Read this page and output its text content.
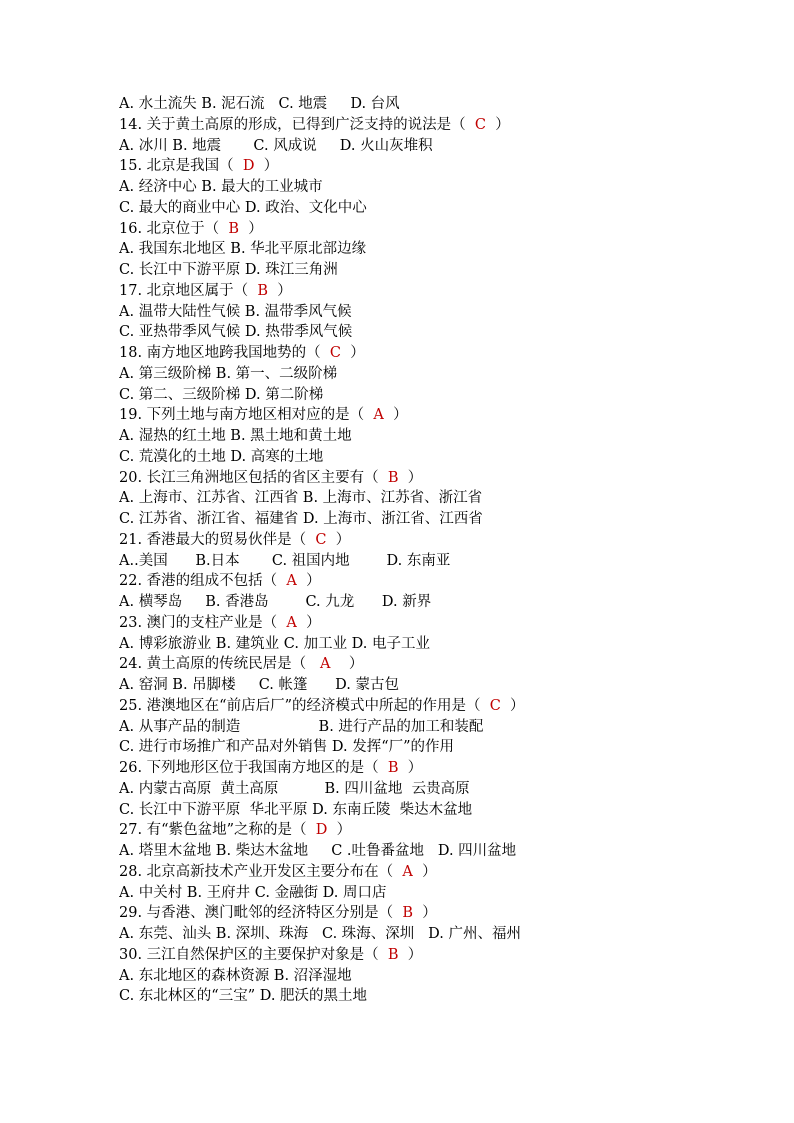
A. 水土流失 B. 泥石流   C. 地震     D. 台风
14. 关于黄土高原的形成，已得到广泛支持的说法是（  C  ）
A. 冰川 B. 地震       C. 风成说     D. 火山灰堆积
15. 北京是我国（  D  ）
A. 经济中心 B. 最大的工业城市
C. 最大的商业中心 D. 政治、文化中心
16. 北京位于（  B  ）
A. 我国东北地区 B. 华北平原北部边缘
C. 长江中下游平原 D. 珠江三角洲
17. 北京地区属于（  B  ）
A. 温带大陆性气候 B. 温带季风气候
C. 亚热带季风气候 D. 热带季风气候
18. 南方地区地跨我国地势的（  C  ）
A. 第三级阶梯 B. 第一、二级阶梯
C. 第二、三级阶梯 D. 第二阶梯
19. 下列土地与南方地区相对应的是（  A  ）
A. 湿热的红土地 B. 黑土地和黄土地
C. 荒漠化的土地 D. 高寒的土地
20. 长江三角洲地区包括的省区主要有（  B  ）
A. 上海市、江苏省、江西省 B. 上海市、江苏省、浙江省
C. 江苏省、浙江省、福建省 D. 上海市、浙江省、江西省
21. 香港最大的贸易伙伴是（  C  ）
A..美国      B.日本       C. 祖国内地        D. 东南亚
22. 香港的组成不包括（  A  ）
A. 横琴岛     B. 香港岛        C. 九龙      D. 新界
23. 澳门的支柱产业是（  A  ）
A. 博彩旅游业 B. 建筑业 C. 加工业 D. 电子工业
24. 黄土高原的传统民居是（   A    ）
A. 窑洞 B. 吊脚楼     C. 帐篷      D. 蒙古包
25. 港澳地区在“前店后厂”的经济模式中所起的作用是（  C  ）
A. 从事产品的制造                 B. 进行产品的加工和装配
C. 进行市场推广和产品对外销售 D. 发挥“厂”的作用
26. 下列地形区位于我国南方地区的是（  B  ）
A. 内蒙古高原  黄土高原          B. 四川盆地  云贵高原
C. 长江中下游平原  华北平原 D. 东南丘陵  柴达木盆地
27. 有“紫色盆地”之称的是（  D  ）
A. 塔里木盆地 B. 柴达木盆地     C .吐鲁番盆地   D. 四川盆地
28. 北京高新技术产业开发区主要分布在（  A  ）
A. 中关村 B. 王府井 C. 金融街 D. 周口店
29. 与香港、澳门毗邻的经济特区分别是（  B  ）
A. 东莞、汕头 B. 深圳、珠海   C. 珠海、深圳   D. 广州、福州
30. 三江自然保护区的主要保护对象是（  B  ）
A. 东北地区的森林资源 B. 沼泽湿地
C. 东北林区的“三宝” D. 肥沃的黑土地
